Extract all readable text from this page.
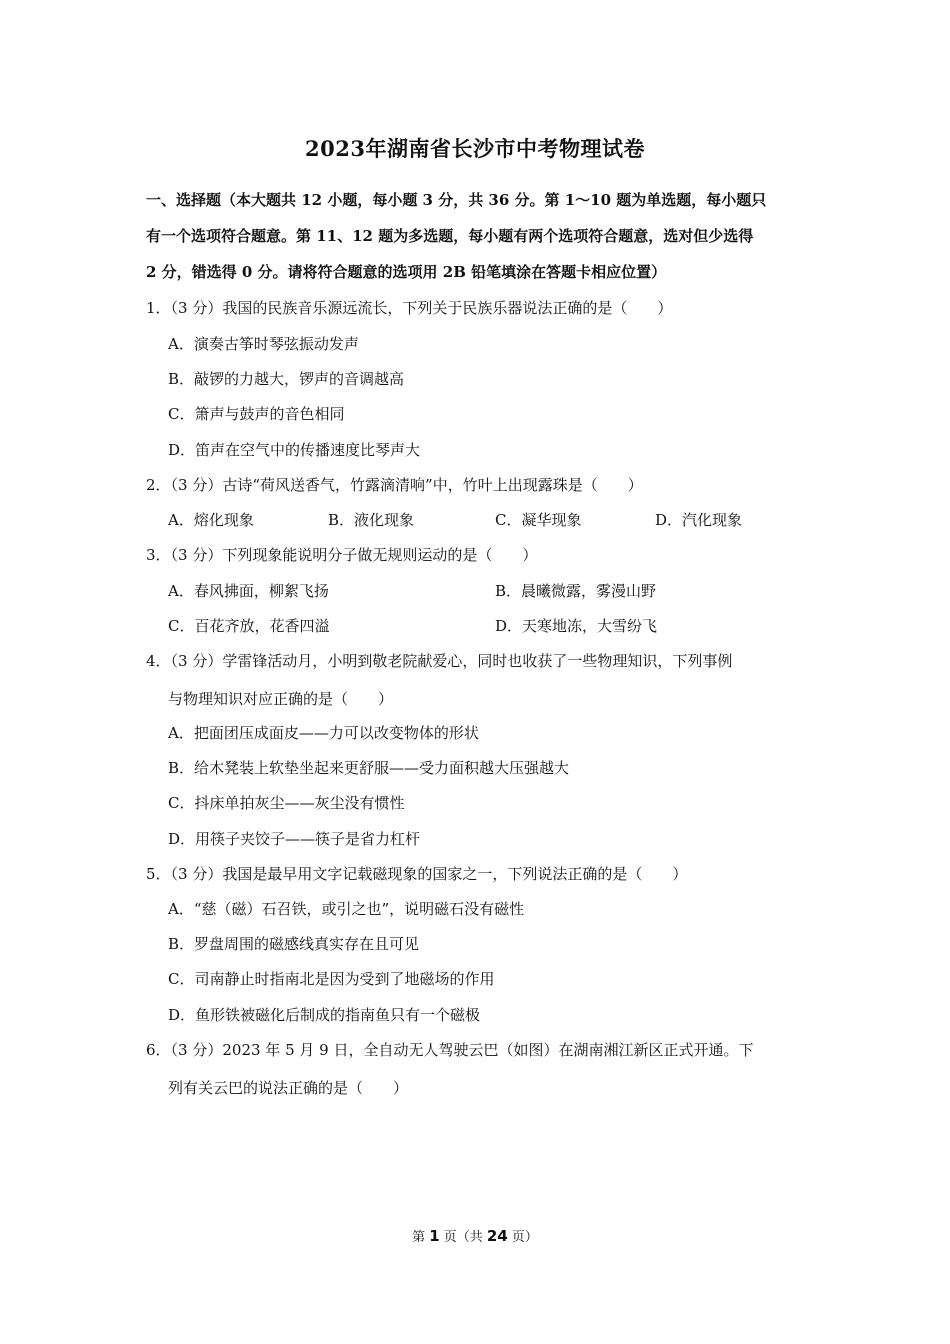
2023年湖南省长沙市中考物理试卷
一、选择题（本大题共 12 小题，每小题 3 分，共 36 分。第 1～10 题为单选题，每小题只
有一个选项符合题意。第 11、12 题为多选题，每小题有两个选项符合题意，选对但少选得
2 分，错选得 0 分。请将符合题意的选项用 2B 铅笔填涂在答题卡相应位置）
1．（3 分）我国的民族音乐源远流长，下列关于民族乐器说法正确的是（　　）
A．演奏古筝时琴弦振动发声
B．敲锣的力越大，锣声的音调越高
C．箫声与鼓声的音色相同
D．笛声在空气中的传播速度比琴声大
2．（3 分）古诗“荷风送香气，竹露滴清响”中，竹叶上出现露珠是（　　）
A．熔化现象	B．液化现象	C．凝华现象	D．汽化现象
3．（3 分）下列现象能说明分子做无规则运动的是（　　）
A．春风拂面，柳絮飞扬	B．晨曦微露，雾漫山野
C．百花齐放，花香四溢	D．天寒地冻，大雪纷飞
4．（3 分）学雷锋活动月，小明到敬老院献爱心，同时也收获了一些物理知识，下列事例
与物理知识对应正确的是（　　）
A．把面团压成面皮——力可以改变物体的形状
B．给木凳装上软垫坐起来更舒服——受力面积越大压强越大
C．抖床单拍灰尘——灰尘没有惯性
D．用筷子夹饺子——筷子是省力杠杆
5．（3 分）我国是最早用文字记载磁现象的国家之一，下列说法正确的是（　　）
A．“慈（磁）石召铁，或引之也”，说明磁石没有磁性
B．罗盘周围的磁感线真实存在且可见
C．司南静止时指南北是因为受到了地磁场的作用
D．鱼形铁被磁化后制成的指南鱼只有一个磁极
6．（3 分）2023 年 5 月 9 日，全自动无人驾驶云巴（如图）在湖南湘江新区正式开通。下
列有关云巴的说法正确的是（　　）
第 1 页（共 24 页）
